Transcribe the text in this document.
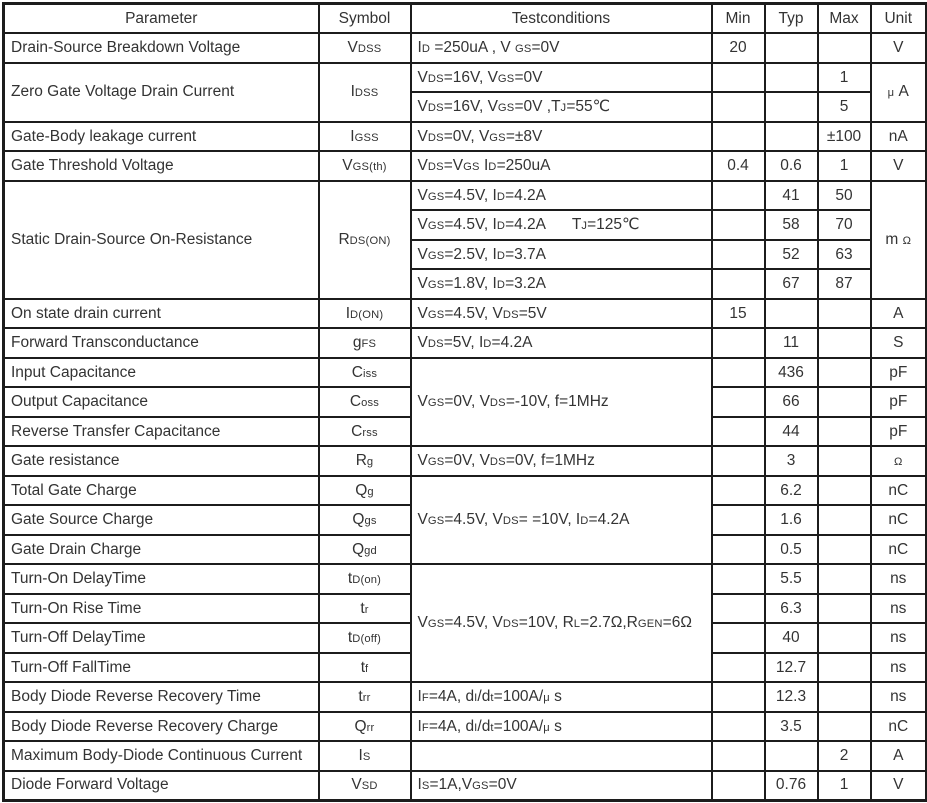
Parameter	Symbol	Testconditions	Min	Typ	Max	Unit
Drain-Source Breakdown Voltage	VDSS	ID =250uA , V GS=0V	20			V
Zero Gate Voltage Drain Current	IDSS	VDS=16V, VGS=0V			1	μ A
		VDS=16V, VGS=0V ,TJ=55℃			5	
Gate-Body leakage current	IGSS	VDS=0V, VGS=±8V			±100	nA
Gate Threshold Voltage	VGS(th)	VDS=VGS ID=250uA	0.4	0.6	1	V
Static Drain-Source On-Resistance	RDS(ON)	VGS=4.5V, ID=4.2A		41	50	m Ω
		VGS=4.5V, ID=4.2A      TJ=125℃		58	70	
		VGS=2.5V, ID=3.7A		52	63	
		VGS=1.8V, ID=3.2A		67	87	
On state drain current	ID(ON)	VGS=4.5V, VDS=5V	15			A
Forward Transconductance	gFS	VDS=5V, ID=4.2A		11		S
Input Capacitance	Ciss	VGS=0V, VDS=-10V, f=1MHz		436		pF
Output Capacitance	Coss			66		pF
Reverse Transfer Capacitance	Crss			44		pF
Gate resistance	Rg	VGS=0V, VDS=0V, f=1MHz		3		Ω
Total Gate Charge	Qg	VGS=4.5V, VDS= =10V, ID=4.2A		6.2		nC
Gate Source Charge	Qgs			1.6		nC
Gate Drain Charge	Qgd			0.5		nC
Turn-On DelayTime	tD(on)	VGS=4.5V, VDS=10V, RL=2.7Ω,RGEN=6Ω		5.5		ns
Turn-On Rise Time	tr			6.3		ns
Turn-Off DelayTime	tD(off)			40		ns
Turn-Off FallTime	tf			12.7		ns
Body Diode Reverse Recovery Time	trr	IF=4A, dI/dt=100A/μ s		12.3		ns
Body Diode Reverse Recovery Charge	Qrr	IF=4A, dI/dt=100A/μ s		3.5		nC
Maximum Body-Diode Continuous Current	IS				2	A
Diode Forward Voltage	VSD	IS=1A,VGS=0V		0.76	1	V
